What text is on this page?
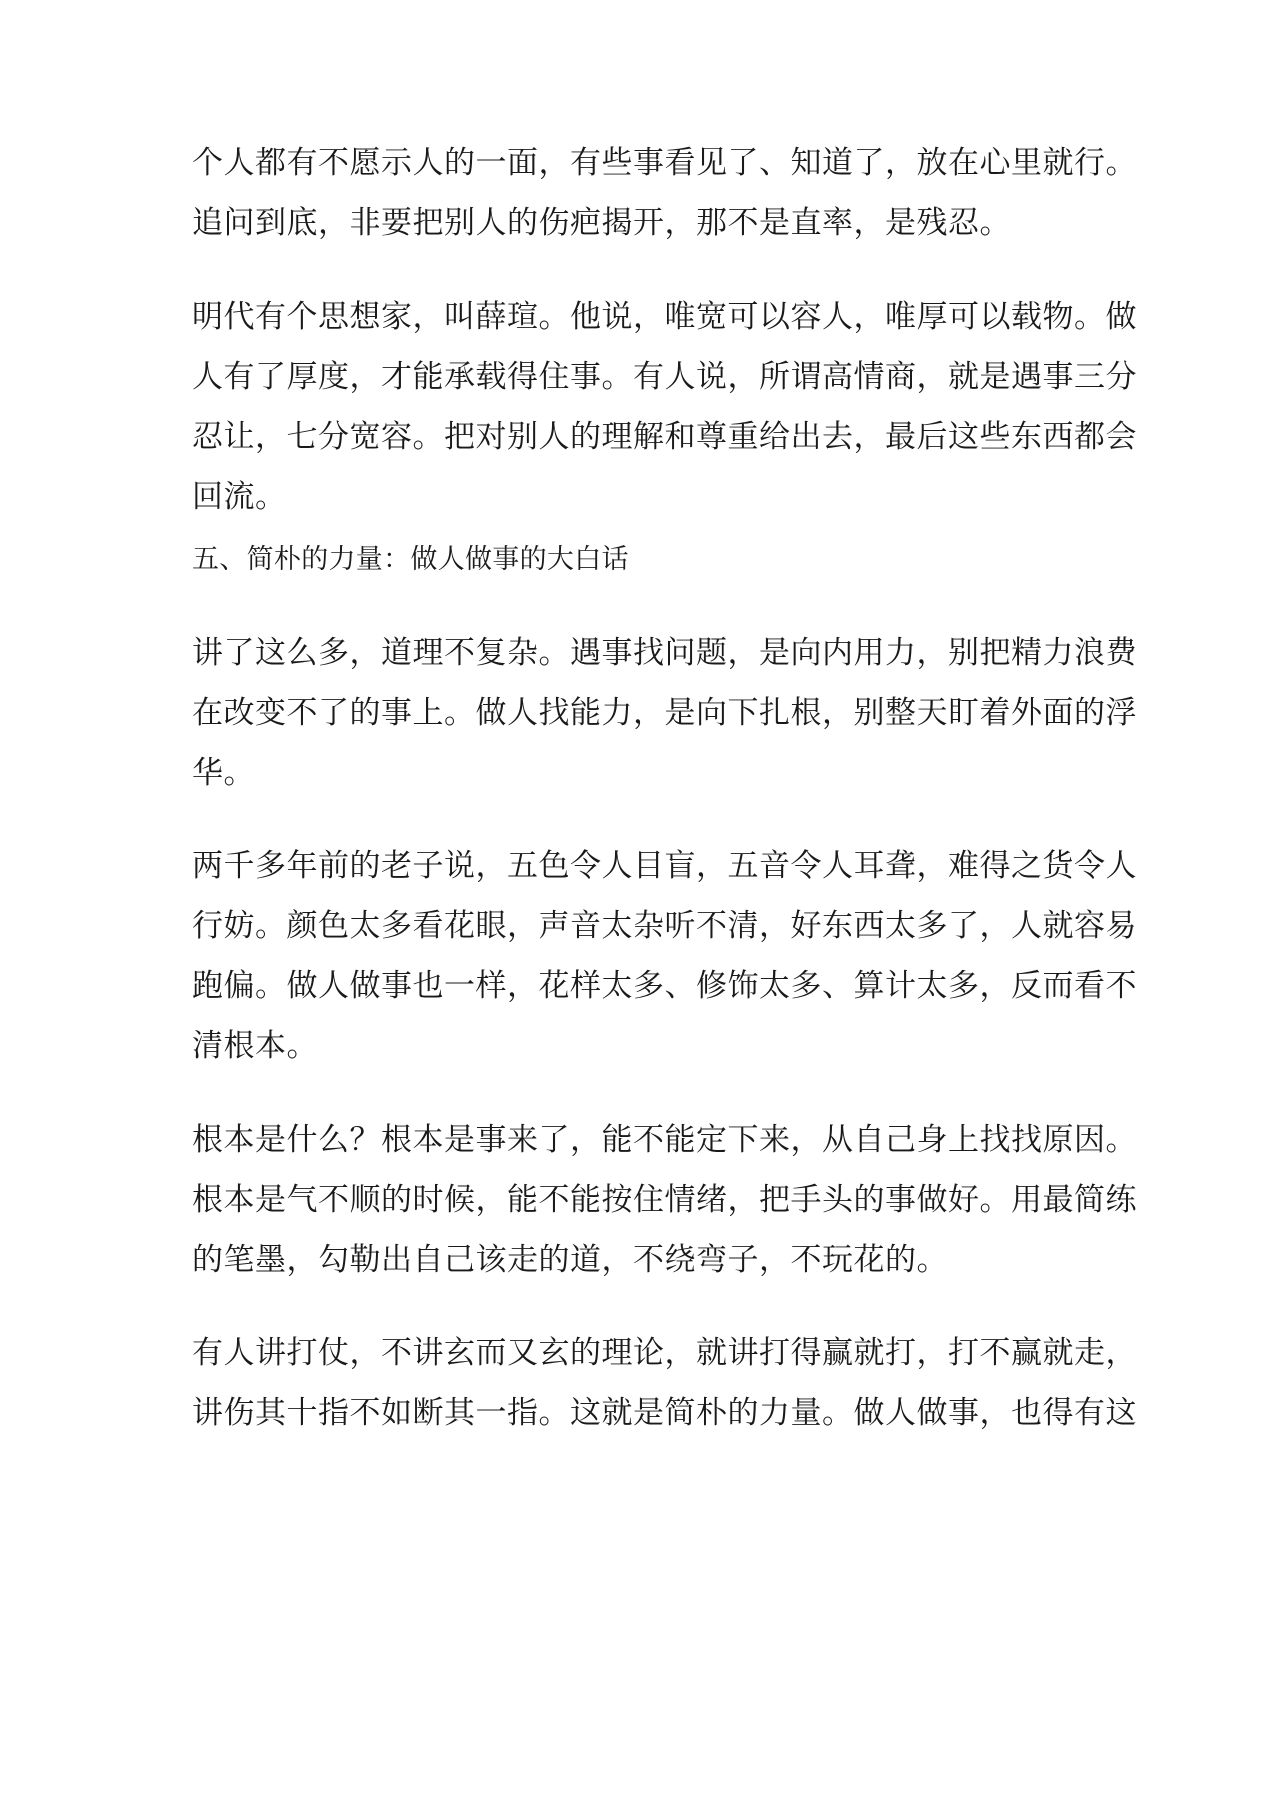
个人都有不愿示人的一面，有些事看见了、知道了，放在心里就行。
追问到底，非要把别人的伤疤揭开，那不是直率，是残忍。
明代有个思想家，叫薛瑄。他说，唯宽可以容人，唯厚可以载物。做
人有了厚度，才能承载得住事。有人说，所谓高情商，就是遇事三分
忍让，七分宽容。把对别人的理解和尊重给出去，最后这些东西都会
回流。
五、简朴的力量：做人做事的大白话
讲了这么多，道理不复杂。遇事找问题，是向内用力，别把精力浪费
在改变不了的事上。做人找能力，是向下扎根，别整天盯着外面的浮
华。
两千多年前的老子说，五色令人目盲，五音令人耳聋，难得之货令人
行妨。颜色太多看花眼，声音太杂听不清，好东西太多了，人就容易
跑偏。做人做事也一样，花样太多、修饰太多、算计太多，反而看不
清根本。
根本是什么？根本是事来了，能不能定下来，从自己身上找找原因。
根本是气不顺的时候，能不能按住情绪，把手头的事做好。用最简练
的笔墨，勾勒出自己该走的道，不绕弯子，不玩花的。
有人讲打仗，不讲玄而又玄的理论，就讲打得赢就打，打不赢就走，
讲伤其十指不如断其一指。这就是简朴的力量。做人做事，也得有这
